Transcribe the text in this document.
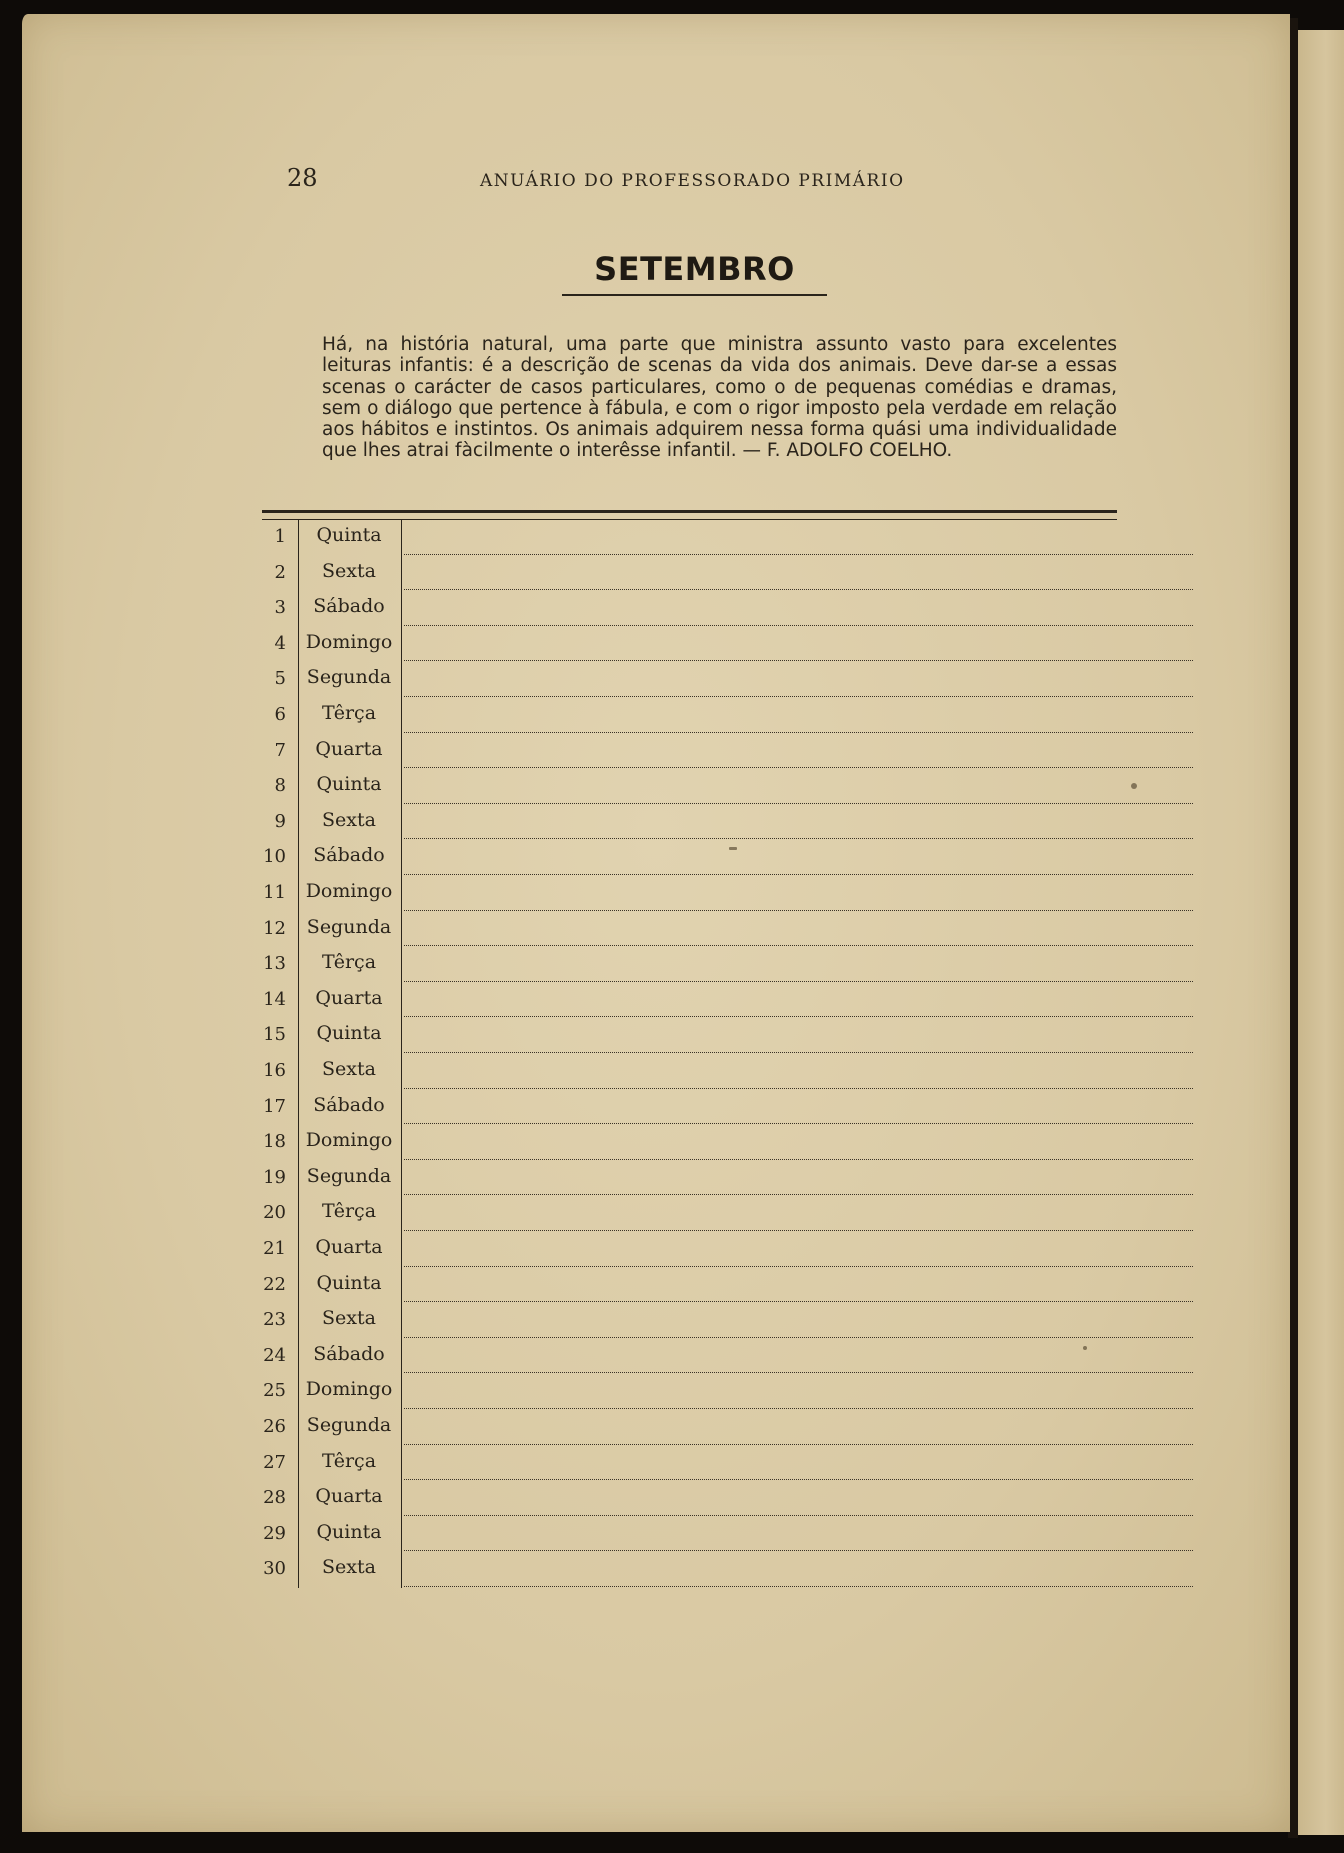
28	ANUÁRIO DO PROFESSORADO PRIMÁRIO
SETEMBRO

Há, na história natural, uma parte que ministra assunto vasto para excelentes leituras infantis: é a descrição de scenas da vida dos animais. Deve dar-se a essas scenas o carácter de casos particulares, como o de pequenas comédias e dramas, sem o diálogo que pertence à fábula, e com o rigor imposto pela verdade em relação aos hábitos e instintos. Os animais adquirem nessa forma quási uma individualidade que lhes atrai fàcilmente o interêsse infantil. — F. ADOLFO COELHO.

1	Quinta
2	Sexta
3	Sábado
4 Domingo
5 Segunda
6	Têrça
7	Quarta
8	Quinta
9	Sexta
10	Sábado
11 Domingo
12 Segunda
13	Têrça
14	Quarta
15	Quinta
16	Sexta
17	Sábado
18 Domingo
19 Segunda
20	Têrça
21	Quarta
22	Quinta
23	Sexta
24	Sábado
25 Domingo
26 Segunda
27	Têrça
28	Quarta
29	Quinta
30	Sexta
